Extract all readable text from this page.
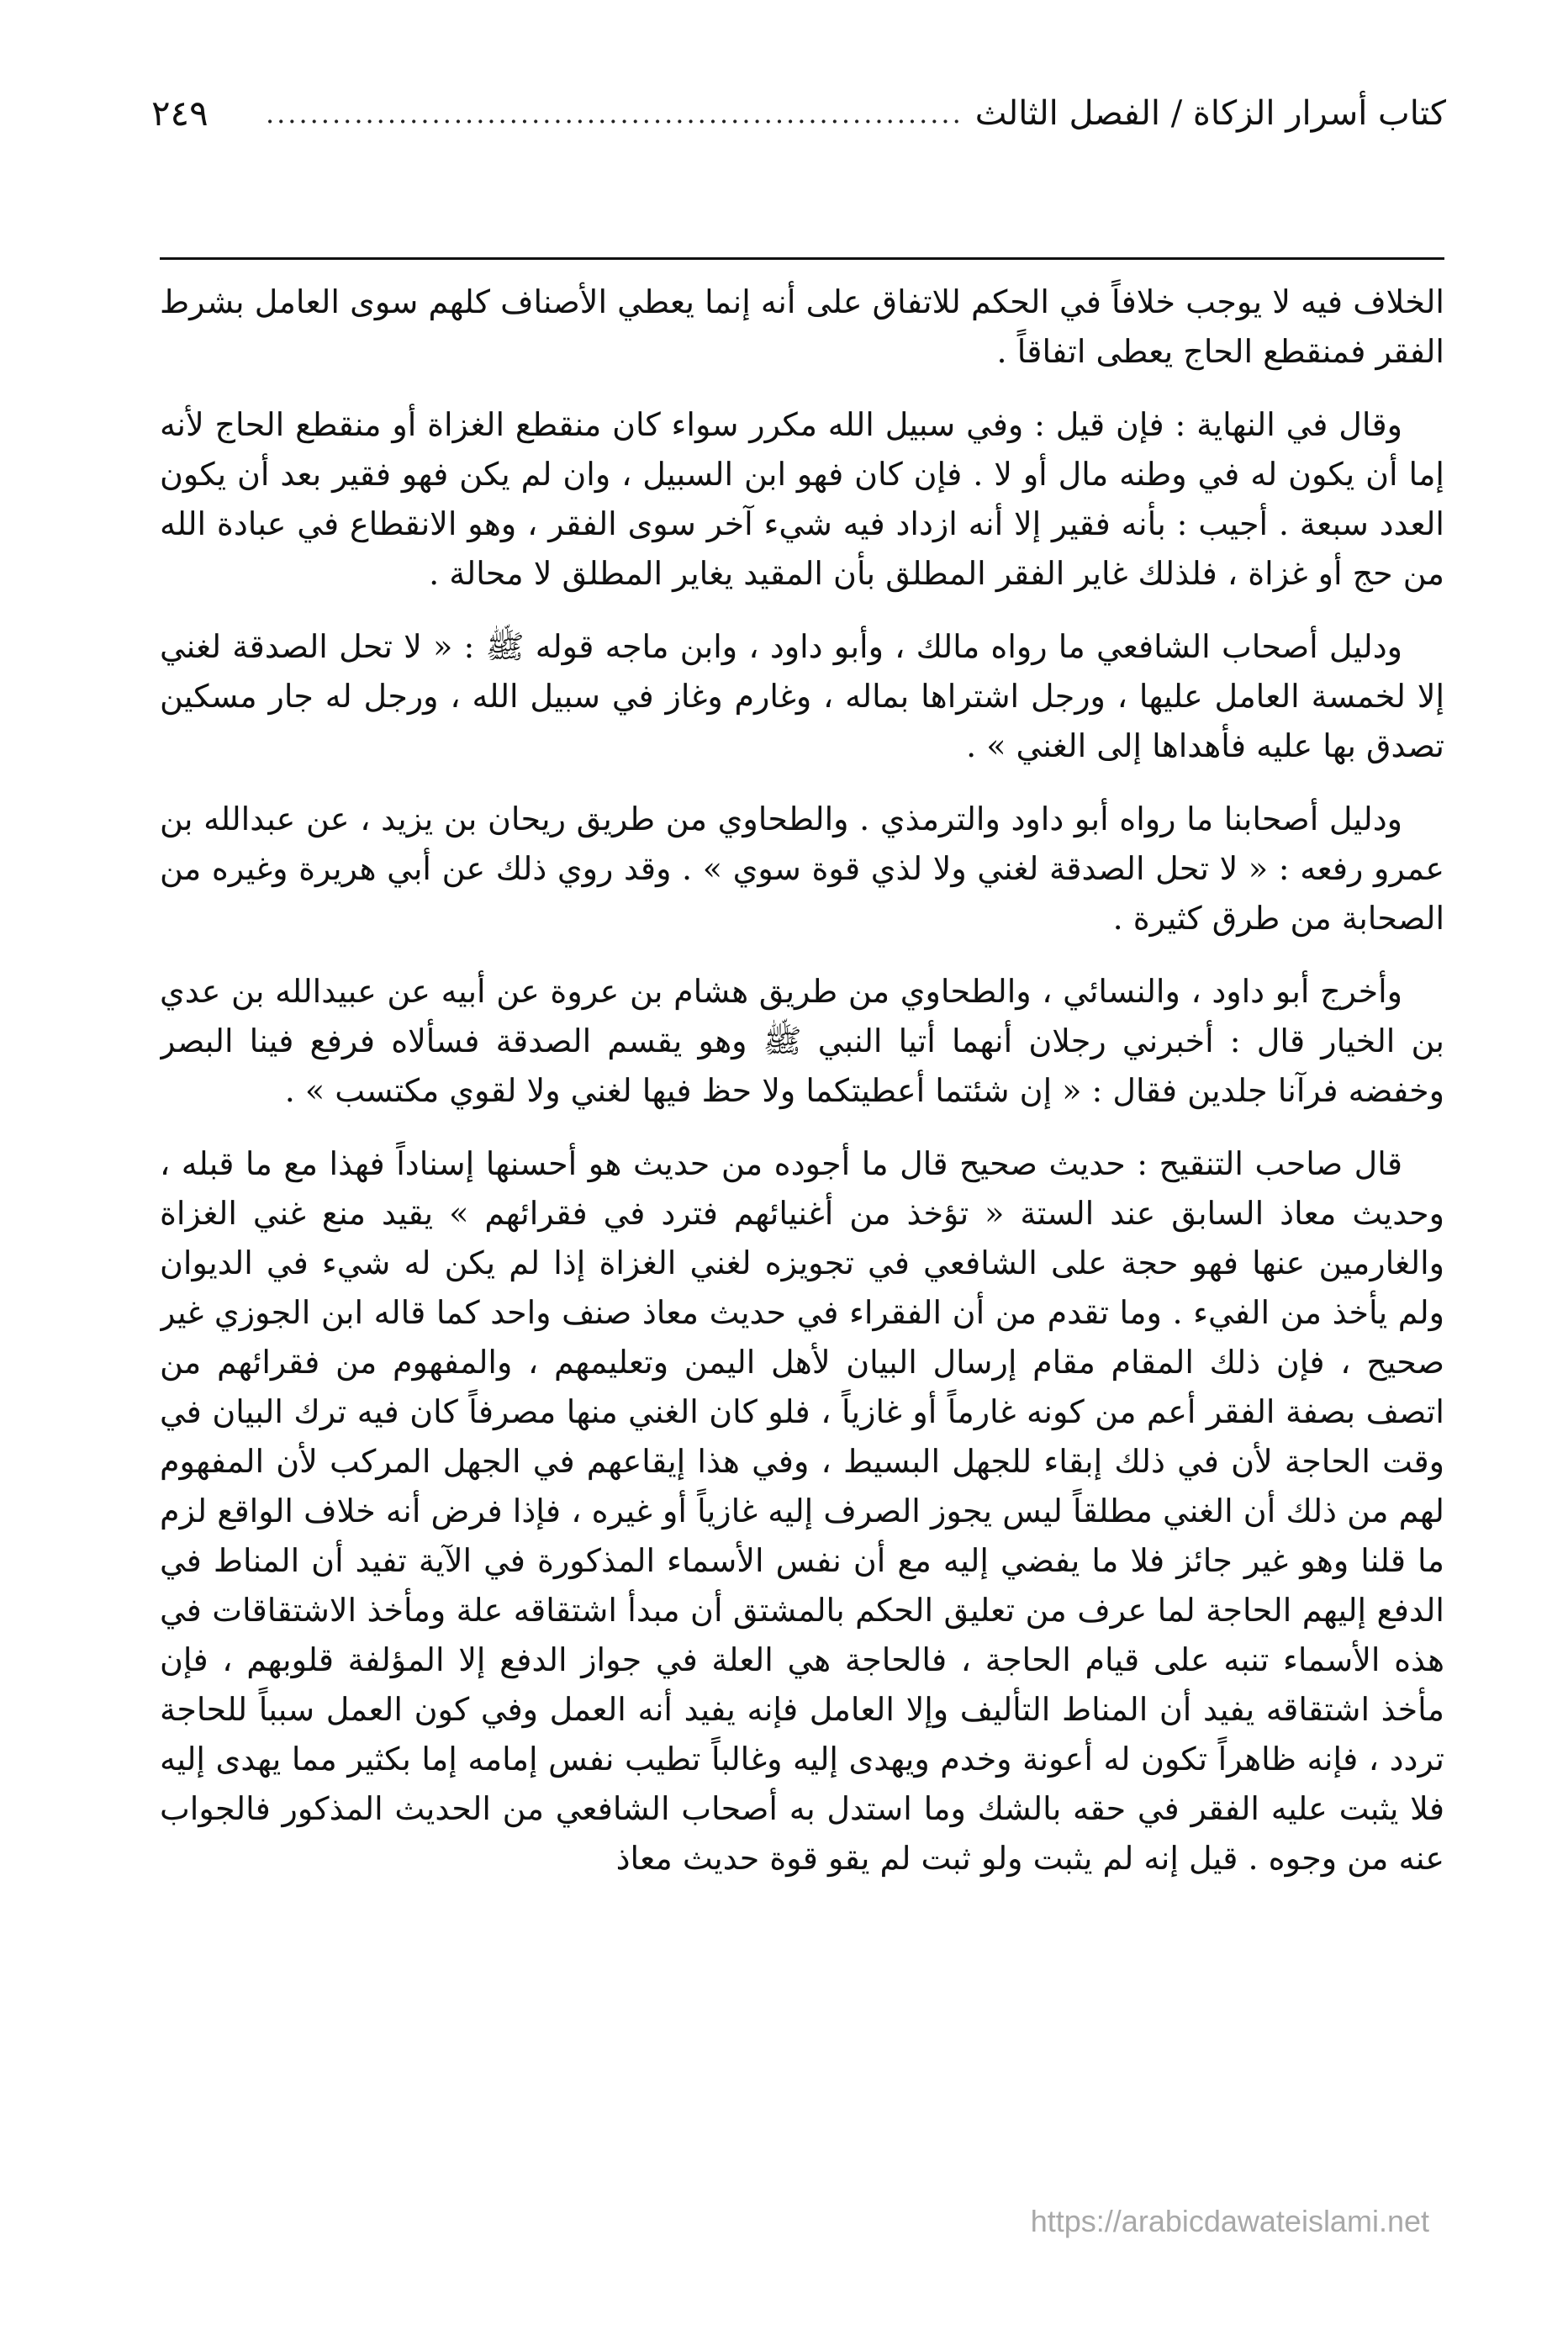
كتاب أسرار الزكاة / الفصل الثالث
...............................................................
٢٤٩

الخلاف فيه لا يوجب خلافاً في الحكم للاتفاق على أنه إنما يعطي الأصناف كلهم سوى العامل بشرط الفقر فمنقطع الحاج يعطى اتفاقاً .

وقال في النهاية : فإن قيل : وفي سبيل الله مكرر سواء كان منقطع الغزاة أو منقطع الحاج لأنه إما أن يكون له في وطنه مال أو لا . فإن كان فهو ابن السبيل ، وان لم يكن فهو فقير بعد أن يكون العدد سبعة . أجيب : بأنه فقير إلا أنه ازداد فيه شيء آخر سوى الفقر ، وهو الانقطاع في عبادة الله من حج أو غزاة ، فلذلك غاير الفقر المطلق بأن المقيد يغاير المطلق لا محالة .

ودليل أصحاب الشافعي ما رواه مالك ، وأبو داود ، وابن ماجه قوله ﷺ : « لا تحل الصدقة لغني إلا لخمسة العامل عليها ، ورجل اشتراها بماله ، وغارم وغاز في سبيل الله ، ورجل له جار مسكين تصدق بها عليه فأهداها إلى الغني » .

ودليل أصحابنا ما رواه أبو داود والترمذي . والطحاوي من طريق ريحان بن يزيد ، عن عبدالله بن عمرو رفعه : « لا تحل الصدقة لغني ولا لذي قوة سوي » . وقد روي ذلك عن أبي هريرة وغيره من الصحابة من طرق كثيرة .

وأخرج أبو داود ، والنسائي ، والطحاوي من طريق هشام بن عروة عن أبيه عن عبيدالله بن عدي بن الخيار قال : أخبرني رجلان أنهما أتيا النبي ﷺ وهو يقسم الصدقة فسألاه فرفع فينا البصر وخفضه فرآنا جلدين فقال : « إن شئتما أعطيتكما ولا حظ فيها لغني ولا لقوي مكتسب » .

قال صاحب التنقيح : حديث صحيح قال ما أجوده من حديث هو أحسنها إسناداً فهذا مع ما قبله ، وحديث معاذ السابق عند الستة « تؤخذ من أغنيائهم فترد في فقرائهم » يقيد منع غني الغزاة والغارمين عنها فهو حجة على الشافعي في تجويزه لغني الغزاة إذا لم يكن له شيء في الديوان ولم يأخذ من الفيء . وما تقدم من أن الفقراء في حديث معاذ صنف واحد كما قاله ابن الجوزي غير صحيح ، فإن ذلك المقام مقام إرسال البيان لأهل اليمن وتعليمهم ، والمفهوم من فقرائهم من اتصف بصفة الفقر أعم من كونه غارماً أو غازياً ، فلو كان الغني منها مصرفاً كان فيه ترك البيان في وقت الحاجة لأن في ذلك إبقاء للجهل البسيط ، وفي هذا إيقاعهم في الجهل المركب لأن المفهوم لهم من ذلك أن الغني مطلقاً ليس يجوز الصرف إليه غازياً أو غيره ، فإذا فرض أنه خلاف الواقع لزم ما قلنا وهو غير جائز فلا ما يفضي إليه مع أن نفس الأسماء المذكورة في الآية تفيد أن المناط في الدفع إليهم الحاجة لما عرف من تعليق الحكم بالمشتق أن مبدأ اشتقاقه علة ومأخذ الاشتقاقات في هذه الأسماء تنبه على قيام الحاجة ، فالحاجة هي العلة في جواز الدفع إلا المؤلفة قلوبهم ، فإن مأخذ اشتقاقه يفيد أن المناط التأليف وإلا العامل فإنه يفيد أنه العمل وفي كون العمل سبباً للحاجة تردد ، فإنه ظاهراً تكون له أعونة وخدم ويهدى إليه وغالباً تطيب نفس إمامه إما بكثير مما يهدى إليه فلا يثبت عليه الفقر في حقه بالشك وما استدل به أصحاب الشافعي من الحديث المذكور فالجواب عنه من وجوه . قيل إنه لم يثبت ولو ثبت لم يقو قوة حديث معاذ

https://arabicdawateislami.net
